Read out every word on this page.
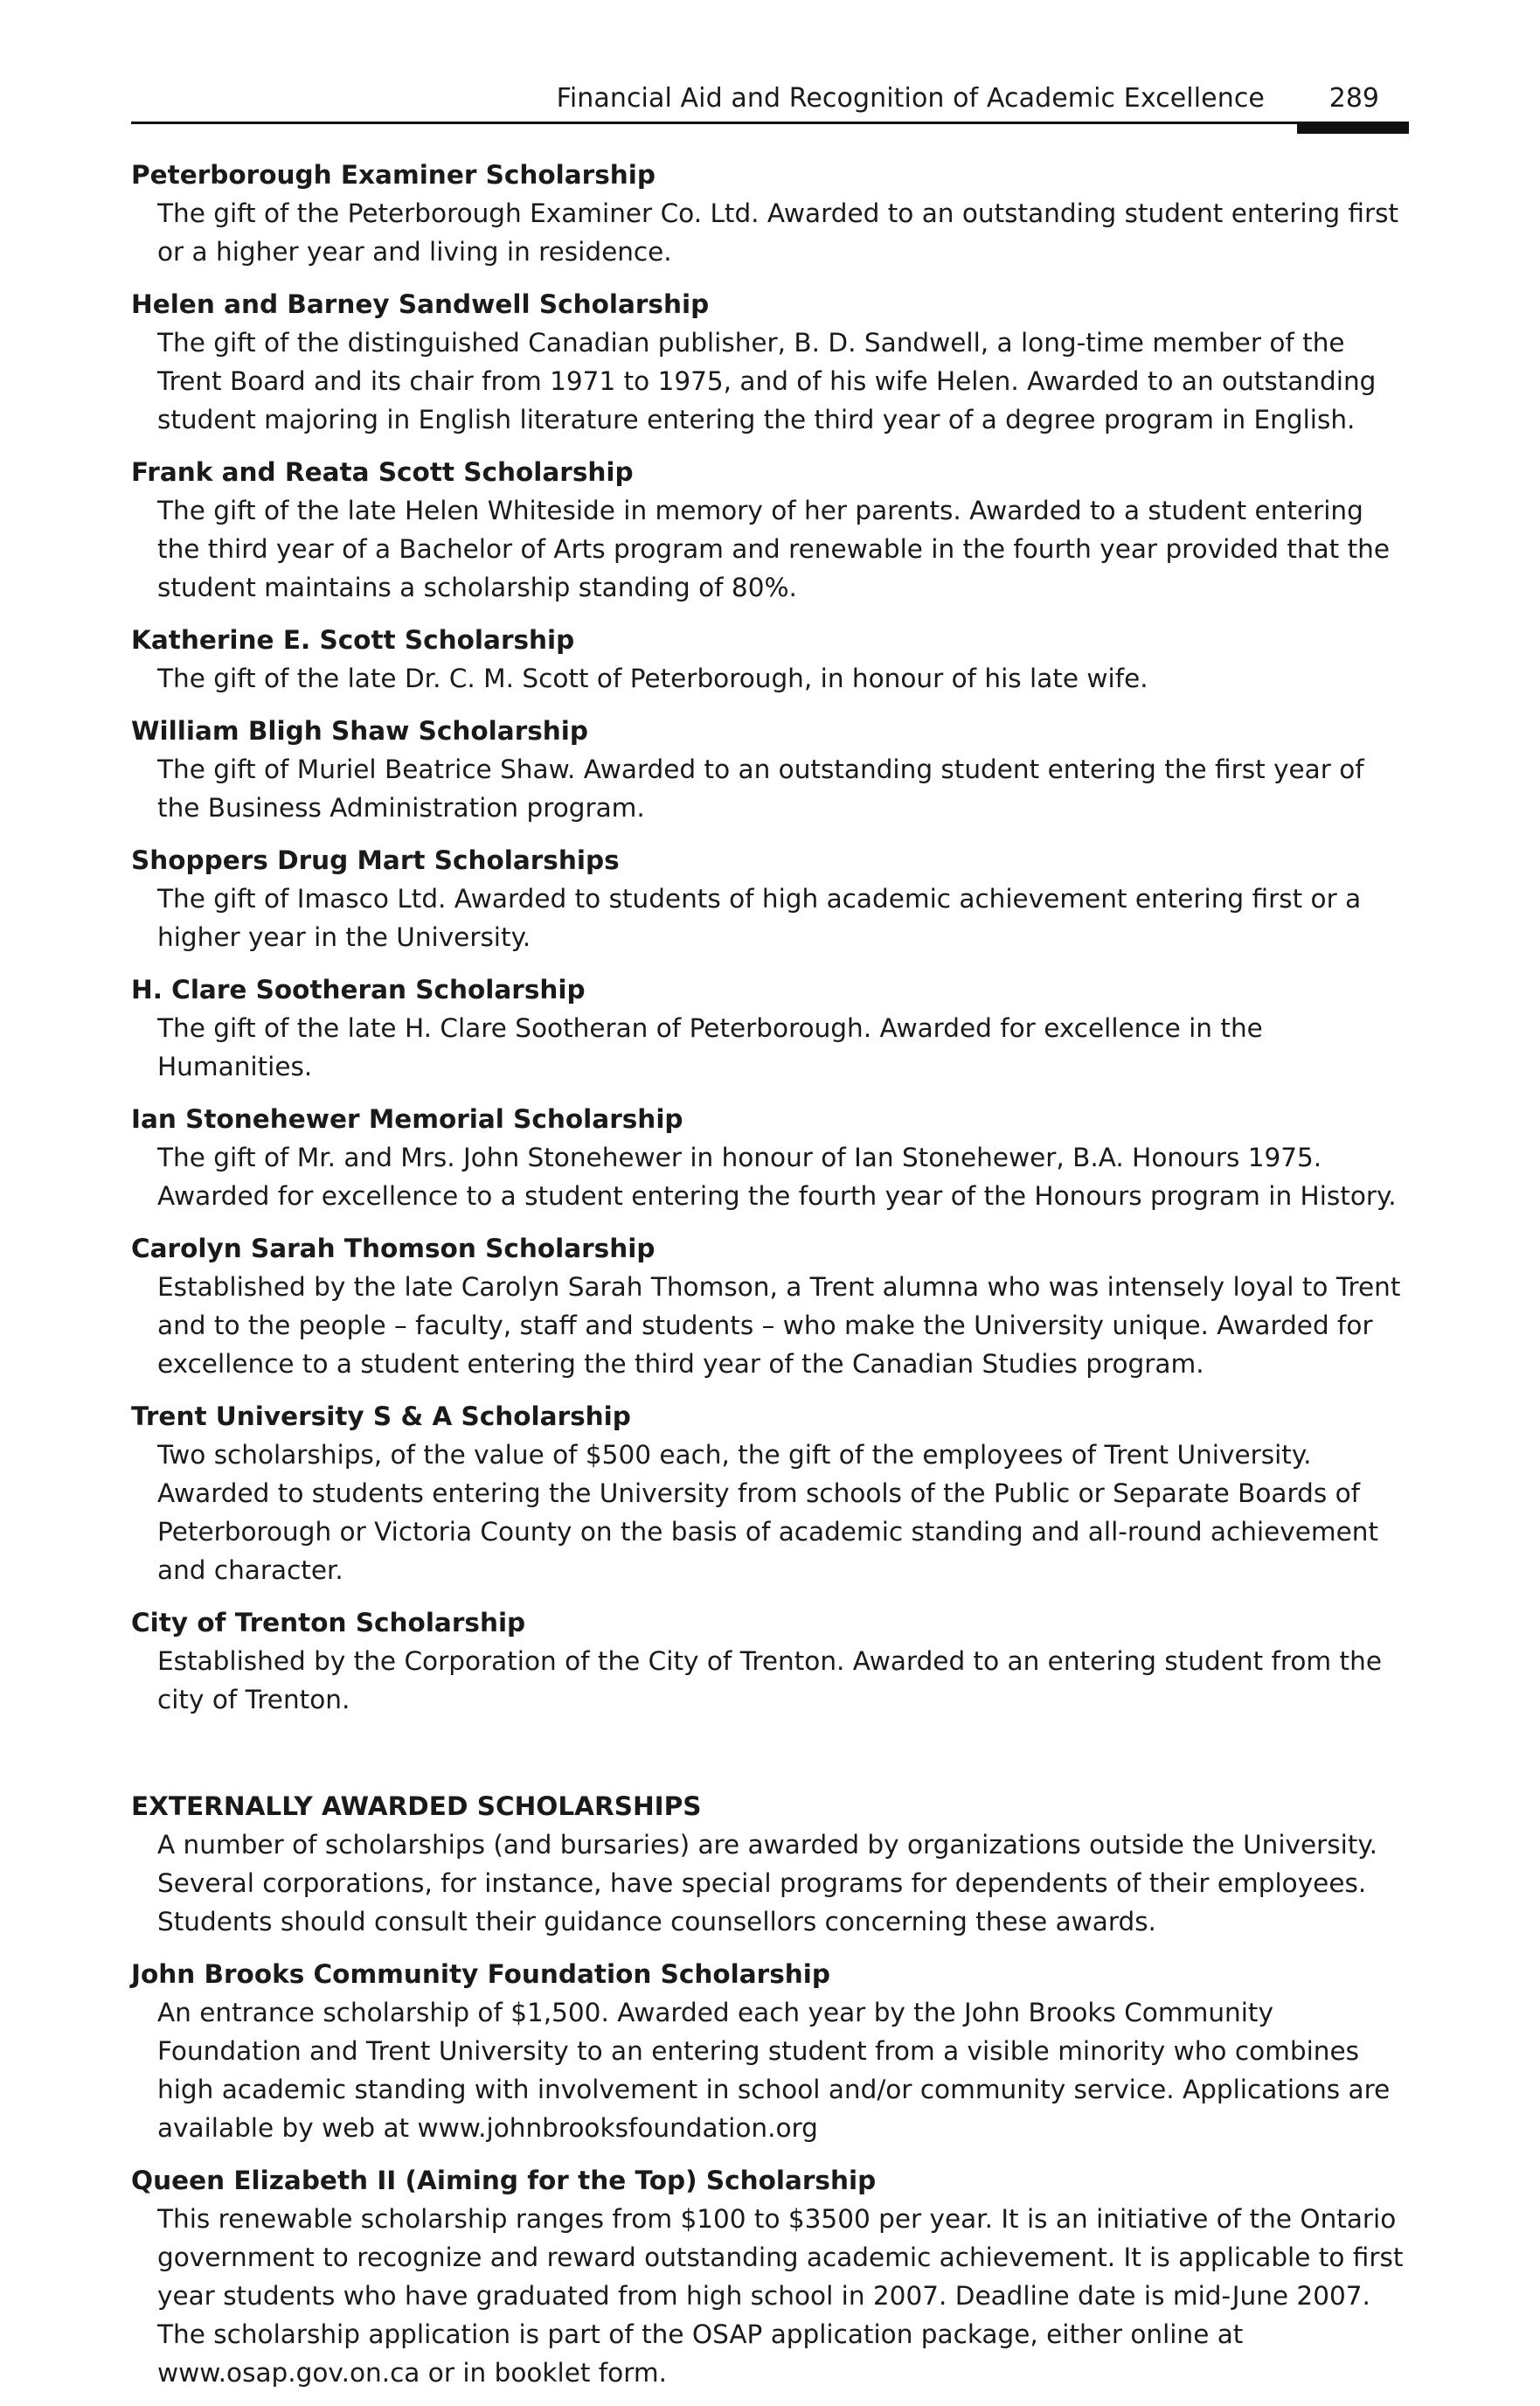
Financial Aid and Recognition of Academic Excellence 289
Peterborough Examiner Scholarship
The gift of the Peterborough Examiner Co. Ltd. Awarded to an outstanding student entering first or a higher year and living in residence.
Helen and Barney Sandwell Scholarship
The gift of the distinguished Canadian publisher, B. D. Sandwell, a long-time member of the Trent Board and its chair from 1971 to 1975, and of his wife Helen. Awarded to an outstanding student majoring in English literature entering the third year of a degree program in English.
Frank and Reata Scott Scholarship
The gift of the late Helen Whiteside in memory of her parents. Awarded to a student entering the third year of a Bachelor of Arts program and renewable in the fourth year provided that the student maintains a scholarship standing of 80%.
Katherine E. Scott Scholarship
The gift of the late Dr. C. M. Scott of Peterborough, in honour of his late wife.
William Bligh Shaw Scholarship
The gift of Muriel Beatrice Shaw. Awarded to an outstanding student entering the first year of the Business Administration program.
Shoppers Drug Mart Scholarships
The gift of Imasco Ltd. Awarded to students of high academic achievement entering first or a higher year in the University.
H. Clare Sootheran Scholarship
The gift of the late H. Clare Sootheran of Peterborough. Awarded for excellence in the Humanities.
Ian Stonehewer Memorial Scholarship
The gift of Mr. and Mrs. John Stonehewer in honour of Ian Stonehewer, B.A. Honours 1975. Awarded for excellence to a student entering the fourth year of the Honours program in History.
Carolyn Sarah Thomson Scholarship
Established by the late Carolyn Sarah Thomson, a Trent alumna who was intensely loyal to Trent and to the people – faculty, staff and students – who make the University unique. Awarded for excellence to a student entering the third year of the Canadian Studies program.
Trent University S & A Scholarship
Two scholarships, of the value of $500 each, the gift of the employees of Trent University. Awarded to students entering the University from schools of the Public or Separate Boards of Peterborough or Victoria County on the basis of academic standing and all-round achievement and character.
City of Trenton Scholarship
Established by the Corporation of the City of Trenton. Awarded to an entering student from the city of Trenton.
EXTERNALLY AWARDED SCHOLARSHIPS
A number of scholarships (and bursaries) are awarded by organizations outside the University. Several corporations, for instance, have special programs for dependents of their employees. Students should consult their guidance counsellors concerning these awards.
John Brooks Community Foundation Scholarship
An entrance scholarship of $1,500. Awarded each year by the John Brooks Community Foundation and Trent University to an entering student from a visible minority who combines high academic standing with involvement in school and/or community service. Applications are available by web at www.johnbrooksfoundation.org
Queen Elizabeth II (Aiming for the Top) Scholarship
This renewable scholarship ranges from $100 to $3500 per year. It is an initiative of the Ontario government to recognize and reward outstanding academic achievement. It is applicable to first year students who have graduated from high school in 2007. Deadline date is mid-June 2007. The scholarship application is part of the OSAP application package, either online at www.osap.gov.on.ca or in booklet form.
